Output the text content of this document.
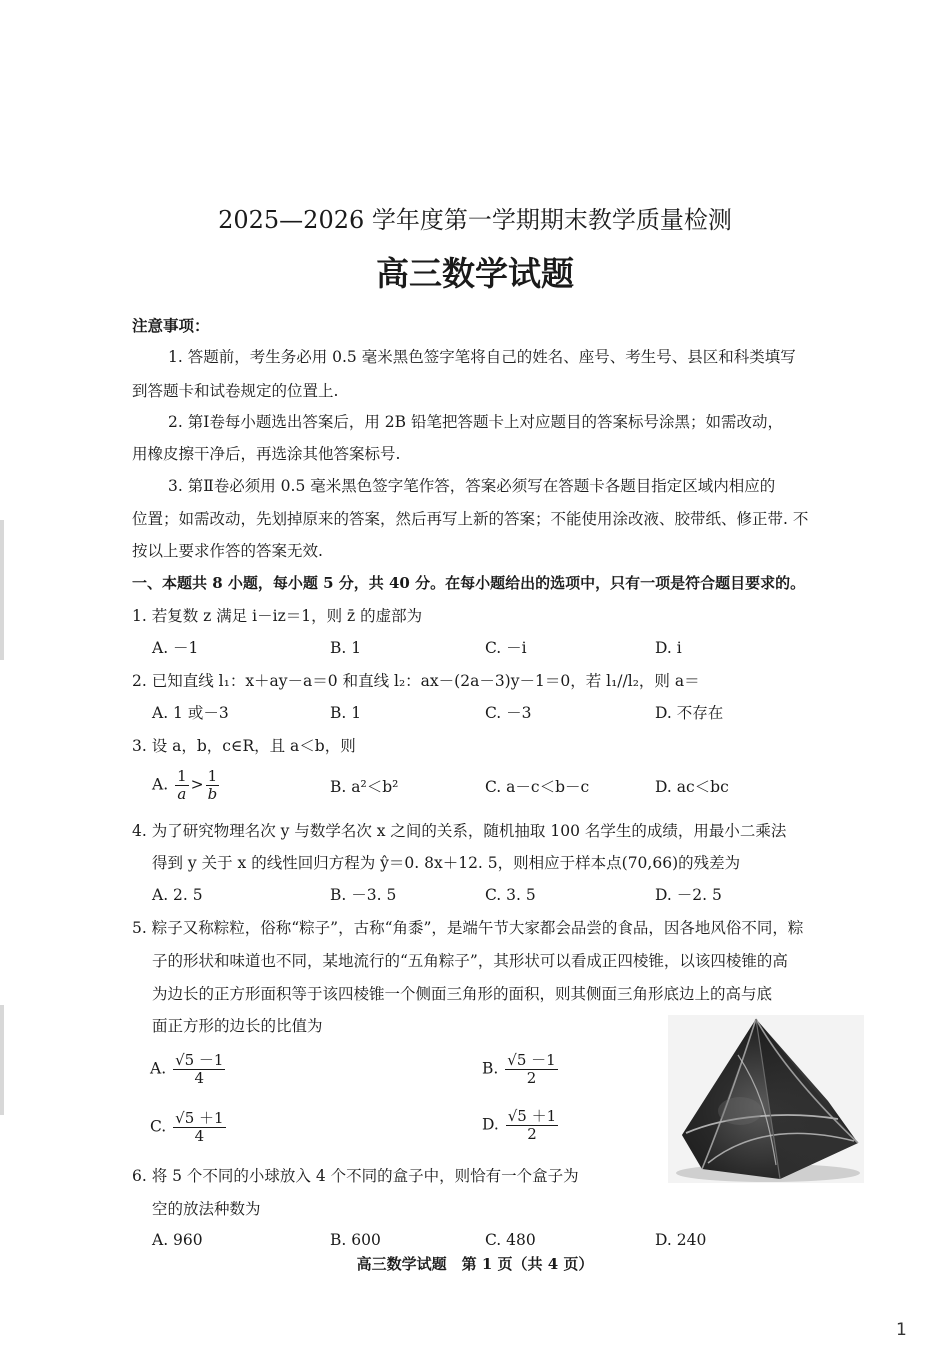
2025—2026 学年度第一学期期末教学质量检测
高三数学试题
注意事项：
1. 答题前，考生务必用 0.5 毫米黑色签字笔将自己的姓名、座号、考生号、县区和科类填写
到答题卡和试卷规定的位置上.
2. 第Ⅰ卷每小题选出答案后，用 2B 铅笔把答题卡上对应题目的答案标号涂黑；如需改动，
用橡皮擦干净后，再选涂其他答案标号.
3. 第Ⅱ卷必须用 0.5 毫米黑色签字笔作答，答案必须写在答题卡各题目指定区域内相应的
位置；如需改动，先划掉原来的答案，然后再写上新的答案；不能使用涂改液、胶带纸、修正带. 不
按以上要求作答的答案无效.
一、本题共 8 小题，每小题 5 分，共 40 分。在每小题给出的选项中，只有一项是符合题目要求的。
1. 若复数 z 满足 i－iz＝1，则 z̄ 的虚部为
A. －1	B. 1	C. －i	D. i
2. 已知直线 l₁：x＋ay－a＝0 和直线 l₂：ax－(2a－3)y－1＝0，若 l₁//l₂，则 a＝
A. 1 或－3	B. 1	C. －3	D. 不存在
3. 设 a，b，c∈R，且 a＜b，则
A. $\frac{1}{a} > \frac{1}{b}$	B. a²＜b²	C. a－c＜b－c	D. ac＜bc
4. 为了研究物理名次 y 与数学名次 x 之间的关系，随机抽取 100 名学生的成绩，用最小二乘法
得到 y 关于 x 的线性回归方程为 ŷ＝0. 8x＋12. 5，则相应于样本点(70,66)的残差为
A. 2. 5	B. －3. 5	C. 3. 5	D. －2. 5
5. 粽子又称粽粒，俗称“粽子”，古称“角黍”，是端午节大家都会品尝的食品，因各地风俗不同，粽
子的形状和味道也不同，某地流行的“五角粽子”，其形状可以看成正四棱锥，以该四棱锥的高
为边长的正方形面积等于该四棱锥一个侧面三角形的面积，则其侧面三角形底边上的高与底
面正方形的边长的比值为
A. $\frac{√5 -1}{4}$	B. $\frac{√5 -1}{2}$
C. $\frac{√5 +1}{4}$	D. $\frac{√5 +1}{2}$
6. 将 5 个不同的小球放入 4 个不同的盒子中，则恰有一个盒子为
空的放法种数为
A. 960	B. 600	C. 480	D. 240
高三数学试题　第 1 页（共 4 页）
1
